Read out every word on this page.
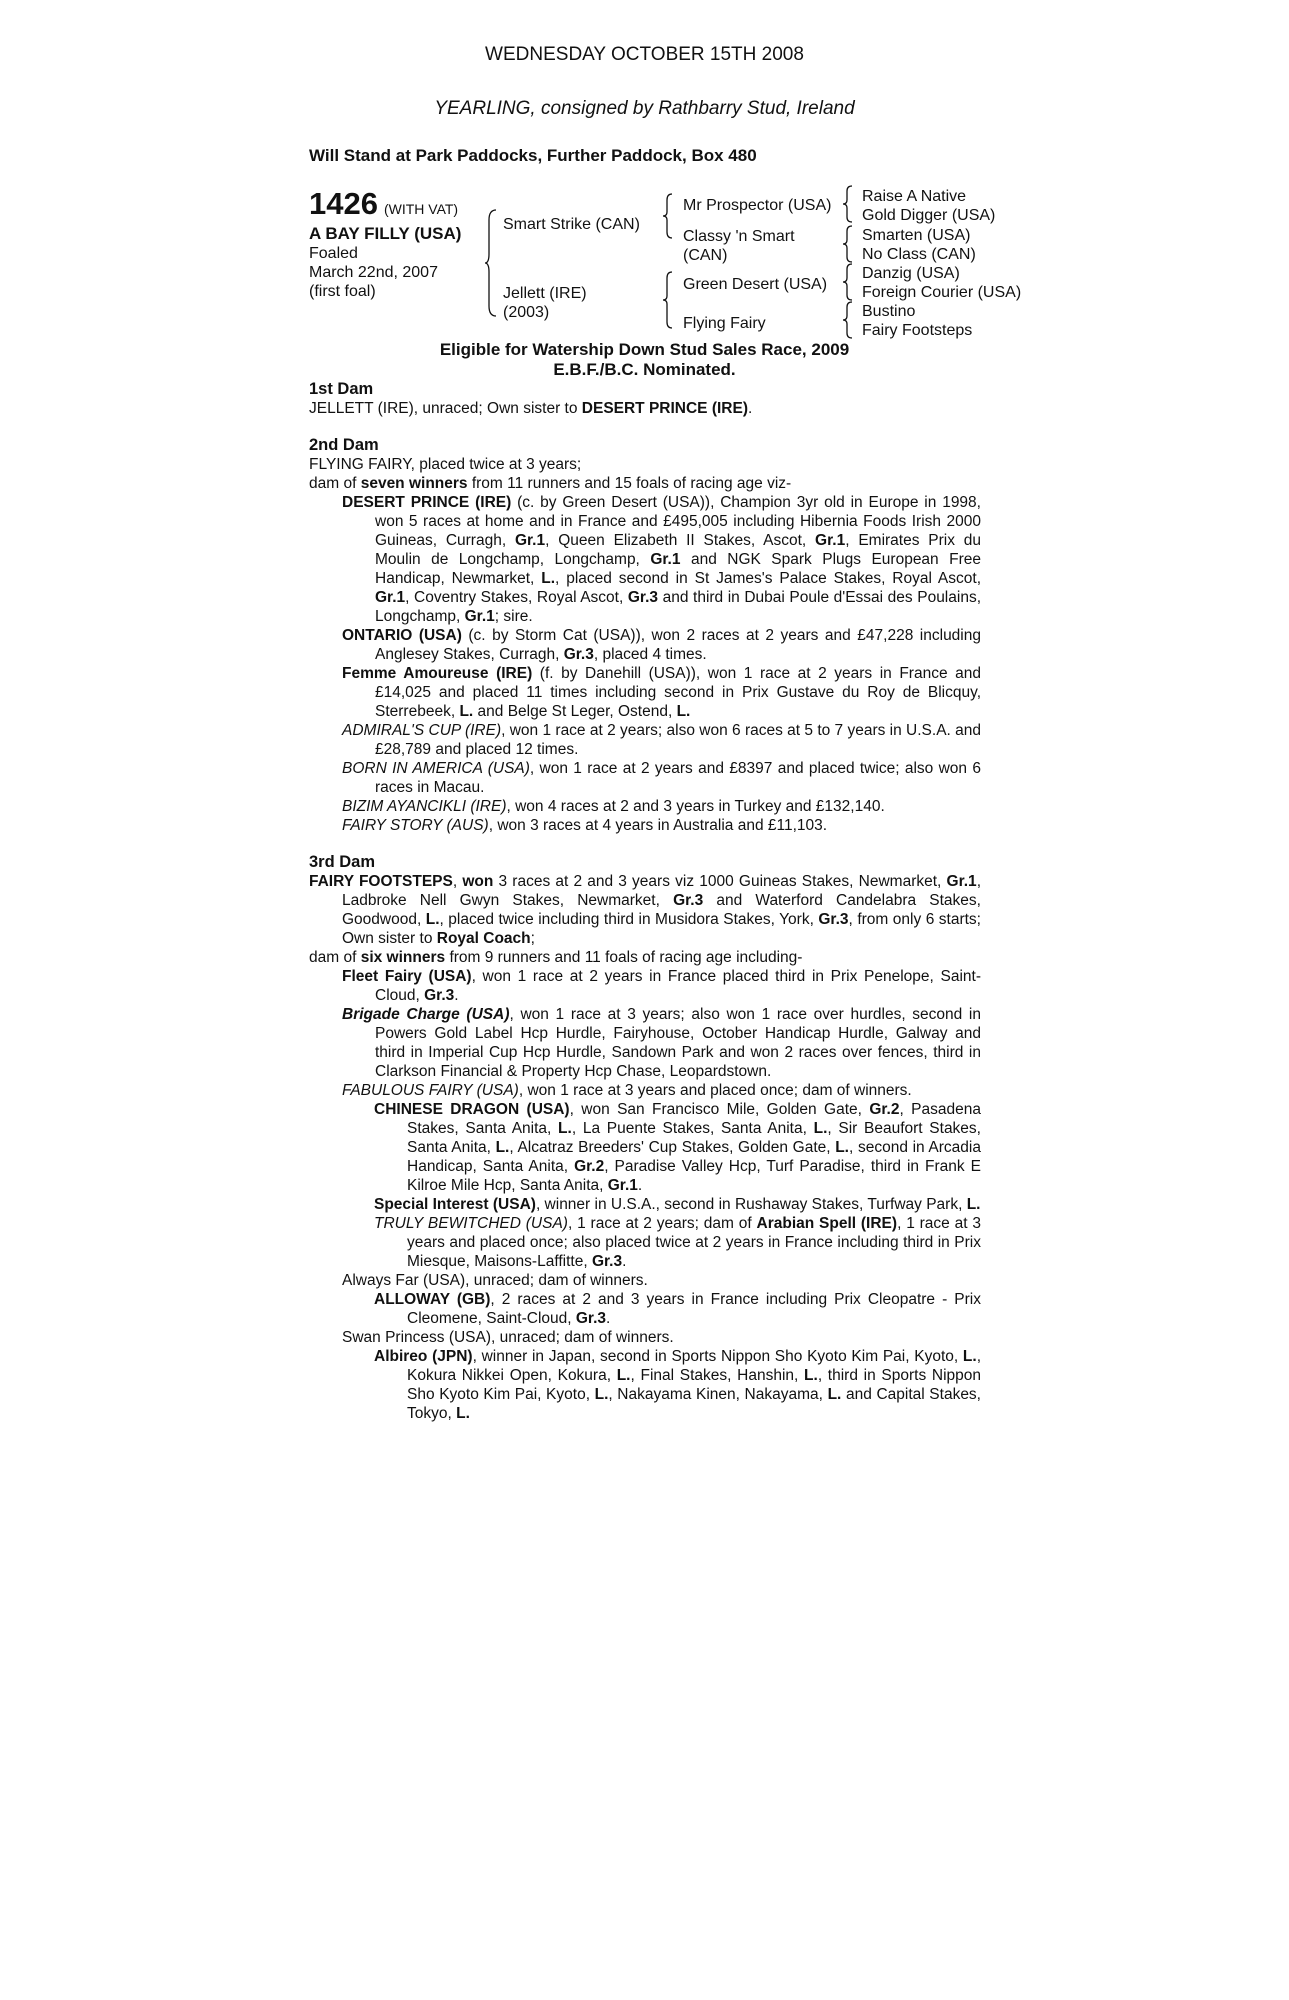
WEDNESDAY OCTOBER 15TH 2008
YEARLING, consigned by Rathbarry Stud, Ireland
Will Stand at Park Paddocks, Further Paddock, Box 480
1426 (WITH VAT)
A BAY FILLY (USA)
Foaled
March 22nd, 2007
(first foal)
Smart Strike (CAN)
Jellett (IRE)
(2003)
Mr Prospector (USA)
Classy 'n Smart
(CAN)
Green Desert (USA)
Flying Fairy
Raise A Native
Gold Digger (USA)
Smarten (USA)
No Class (CAN)
Danzig (USA)
Foreign Courier (USA)
Bustino
Fairy Footsteps
Eligible for Watership Down Stud Sales Race, 2009
E.B.F./B.C. Nominated.
1st Dam

JELLETT (IRE), unraced; Own sister to DESERT PRINCE (IRE).

2nd Dam

FLYING FAIRY, placed twice at 3 years;

dam of seven winners from 11 runners and 15 foals of racing age viz-

DESERT PRINCE (IRE) (c. by Green Desert (USA)), Champion 3yr old in Europe in 1998, won 5 races at home and in France and £495,005 including Hibernia Foods Irish 2000 Guineas, Curragh, Gr.1, Queen Elizabeth II Stakes, Ascot, Gr.1, Emirates Prix du Moulin de Longchamp, Longchamp, Gr.1 and NGK Spark Plugs European Free Handicap, Newmarket, L., placed second in St James's Palace Stakes, Royal Ascot, Gr.1, Coventry Stakes, Royal Ascot, Gr.3 and third in Dubai Poule d'Essai des Poulains, Longchamp, Gr.1; sire.

ONTARIO (USA) (c. by Storm Cat (USA)), won 2 races at 2 years and £47,228 including Anglesey Stakes, Curragh, Gr.3, placed 4 times.

Femme Amoureuse (IRE) (f. by Danehill (USA)), won 1 race at 2 years in France and £14,025 and placed 11 times including second in Prix Gustave du Roy de Blicquy, Sterrebeek, L. and Belge St Leger, Ostend, L.

ADMIRAL'S CUP (IRE), won 1 race at 2 years; also won 6 races at 5 to 7 years in U.S.A. and £28,789 and placed 12 times.

BORN IN AMERICA (USA), won 1 race at 2 years and £8397 and placed twice; also won 6 races in Macau.

BIZIM AYANCIKLI (IRE), won 4 races at 2 and 3 years in Turkey and £132,140.

FAIRY STORY (AUS), won 3 races at 4 years in Australia and £11,103.

3rd Dam

FAIRY FOOTSTEPS, won 3 races at 2 and 3 years viz 1000 Guineas Stakes, Newmarket, Gr.1, Ladbroke Nell Gwyn Stakes, Newmarket, Gr.3 and Waterford Candelabra Stakes, Goodwood, L., placed twice including third in Musidora Stakes, York, Gr.3, from only 6 starts; Own sister to Royal Coach;

dam of six winners from 9 runners and 11 foals of racing age including-

Fleet Fairy (USA), won 1 race at 2 years in France placed third in Prix Penelope, Saint-Cloud, Gr.3.

Brigade Charge (USA), won 1 race at 3 years; also won 1 race over hurdles, second in Powers Gold Label Hcp Hurdle, Fairyhouse, October Handicap Hurdle, Galway and third in Imperial Cup Hcp Hurdle, Sandown Park and won 2 races over fences, third in Clarkson Financial & Property Hcp Chase, Leopardstown.

FABULOUS FAIRY (USA), won 1 race at 3 years and placed once; dam of winners.

CHINESE DRAGON (USA), won San Francisco Mile, Golden Gate, Gr.2, Pasadena Stakes, Santa Anita, L., La Puente Stakes, Santa Anita, L., Sir Beaufort Stakes, Santa Anita, L., Alcatraz Breeders' Cup Stakes, Golden Gate, L., second in Arcadia Handicap, Santa Anita, Gr.2, Paradise Valley Hcp, Turf Paradise, third in Frank E Kilroe Mile Hcp, Santa Anita, Gr.1.

Special Interest (USA), winner in U.S.A., second in Rushaway Stakes, Turfway Park, L.

TRULY BEWITCHED (USA), 1 race at 2 years; dam of Arabian Spell (IRE), 1 race at 3 years and placed once; also placed twice at 2 years in France including third in Prix Miesque, Maisons-Laffitte, Gr.3.

Always Far (USA), unraced; dam of winners.

ALLOWAY (GB), 2 races at 2 and 3 years in France including Prix Cleopatre - Prix Cleomene, Saint-Cloud, Gr.3.

Swan Princess (USA), unraced; dam of winners.

Albireo (JPN), winner in Japan, second in Sports Nippon Sho Kyoto Kim Pai, Kyoto, L., Kokura Nikkei Open, Kokura, L., Final Stakes, Hanshin, L., third in Sports Nippon Sho Kyoto Kim Pai, Kyoto, L., Nakayama Kinen, Nakayama, L. and Capital Stakes, Tokyo, L.
